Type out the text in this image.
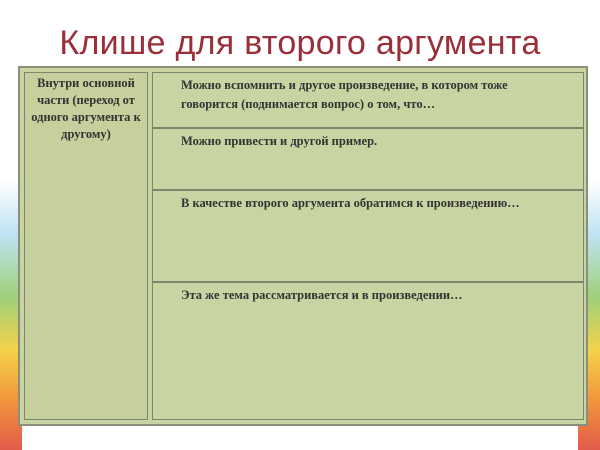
Клише для второго аргумента
Внутри основной части (переход от одного аргумента к другому)
Можно вспомнить и другое произведение, в котором тоже говорится (поднимается вопрос) о том, что…
Можно привести и другой пример.
В качестве второго аргумента обратимся к произведению…
Эта же тема рассматривается и в произведении…
